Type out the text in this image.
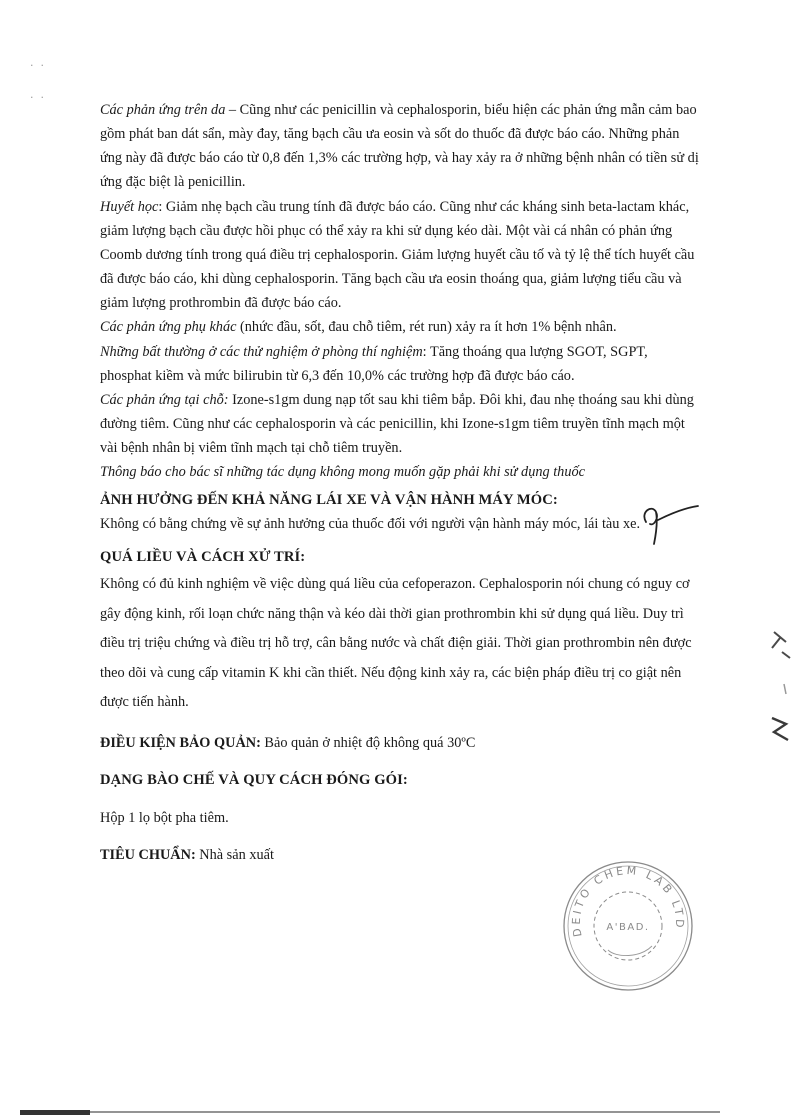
·  ·
·  ·

Các phản ứng trên da – Cũng như các penicillin và cephalosporin, biểu hiện các phản ứng mẫn cảm bao gồm phát ban dát sẩn, mày đay, tăng bạch cầu ưa eosin và sốt do thuốc đã được báo cáo. Những phản ứng này đã được báo cáo từ 0,8 đến 1,3% các trường hợp, và hay xảy ra ở những bệnh nhân có tiền sử dị ứng đặc biệt là penicillin.

Huyết học: Giảm nhẹ bạch cầu trung tính đã được báo cáo. Cũng như các kháng sinh beta-lactam khác, giảm lượng bạch cầu được hồi phục có thể xảy ra khi sử dụng kéo dài. Một vài cá nhân có phản ứng Coomb dương tính trong quá điều trị cephalosporin. Giảm lượng huyết cầu tố và tỷ lệ thể tích huyết cầu đã được báo cáo, khi dùng cephalosporin. Tăng bạch cầu ưa eosin thoáng qua, giảm lượng tiểu cầu và giảm lượng prothrombin đã được báo cáo.

Các phản ứng phụ khác (nhức đầu, sốt, đau chỗ tiêm, rét run) xảy ra ít hơn 1% bệnh nhân.

Những bất thường ở các thử nghiệm ở phòng thí nghiệm: Tăng thoáng qua lượng SGOT, SGPT, phosphat kiềm và mức bilirubin từ 6,3 đến 10,0% các trường hợp đã được báo cáo.

Các phản ứng tại chỗ: Izone-s1gm dung nạp tốt sau khi tiêm bắp. Đôi khi, đau nhẹ thoáng sau khi dùng đường tiêm. Cũng như các cephalosporin và các penicillin, khi Izone-s1gm tiêm truyền tĩnh mạch một vài bệnh nhân bị viêm tĩnh mạch tại chỗ tiêm truyền.

Thông báo cho bác sĩ những tác dụng không mong muốn gặp phải khi sử dụng thuốc

ẢNH HƯỞNG ĐẾN KHẢ NĂNG LÁI XE VÀ VẬN HÀNH MÁY MÓC:

Không có bằng chứng về sự ảnh hưởng của thuốc đối với người vận hành máy móc, lái tàu xe.

QUÁ LIỀU VÀ CÁCH XỬ TRÍ:

Không có đủ kinh nghiệm về việc dùng quá liều của cefoperazon. Cephalosporin nói chung có nguy cơ gây động kinh, rối loạn chức năng thận và kéo dài thời gian prothrombin khi sử dụng quá liều. Duy trì điều trị triệu chứng và điều trị hỗ trợ, cân bằng nước và chất điện giải. Thời gian prothrombin nên được theo dõi và cung cấp vitamin K khi cần thiết. Nếu động kinh xảy ra, các biện pháp điều trị co giật nên được tiến hành.

ĐIỀU KIỆN BẢO QUẢN: Bảo quản ở nhiệt độ không quá 30ºC

DẠNG BÀO CHẾ VÀ QUY CÁCH ĐÓNG GÓI:

Hộp 1 lọ bột pha tiêm.

TIÊU CHUẨN: Nhà sản xuất

DEITO CHEM LAB LTD
A'BAD.
